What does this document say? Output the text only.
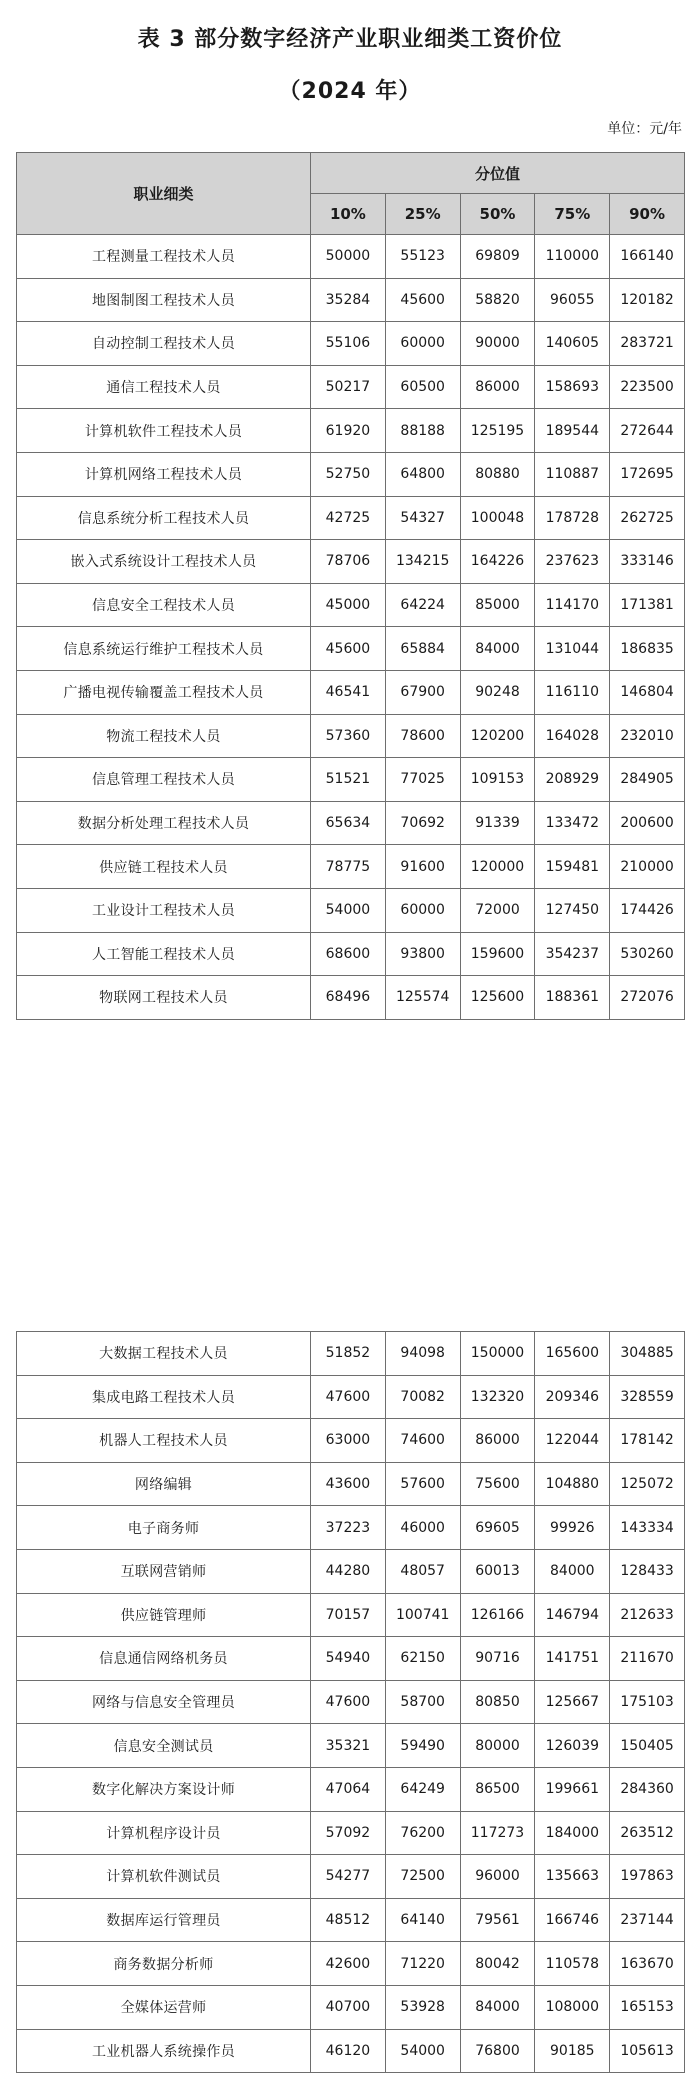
表 3 部分数字经济产业职业细类工资价位
（2024 年）
单位：元/年
职业细类	分位值				
	10%	25%	50%	75%	90%
工程测量工程技术人员	50000	55123	69809	110000	166140
地图制图工程技术人员	35284	45600	58820	96055	120182
自动控制工程技术人员	55106	60000	90000	140605	283721
通信工程技术人员	50217	60500	86000	158693	223500
计算机软件工程技术人员	61920	88188	125195	189544	272644
计算机网络工程技术人员	52750	64800	80880	110887	172695
信息系统分析工程技术人员	42725	54327	100048	178728	262725
嵌入式系统设计工程技术人员	78706	134215	164226	237623	333146
信息安全工程技术人员	45000	64224	85000	114170	171381
信息系统运行维护工程技术人员	45600	65884	84000	131044	186835
广播电视传输覆盖工程技术人员	46541	67900	90248	116110	146804
物流工程技术人员	57360	78600	120200	164028	232010
信息管理工程技术人员	51521	77025	109153	208929	284905
数据分析处理工程技术人员	65634	70692	91339	133472	200600
供应链工程技术人员	78775	91600	120000	159481	210000
工业设计工程技术人员	54000	60000	72000	127450	174426
人工智能工程技术人员	68600	93800	159600	354237	530260
物联网工程技术人员	68496	125574	125600	188361	272076
大数据工程技术人员	51852	94098	150000	165600	304885
集成电路工程技术人员	47600	70082	132320	209346	328559
机器人工程技术人员	63000	74600	86000	122044	178142
网络编辑	43600	57600	75600	104880	125072
电子商务师	37223	46000	69605	99926	143334
互联网营销师	44280	48057	60013	84000	128433
供应链管理师	70157	100741	126166	146794	212633
信息通信网络机务员	54940	62150	90716	141751	211670
网络与信息安全管理员	47600	58700	80850	125667	175103
信息安全测试员	35321	59490	80000	126039	150405
数字化解决方案设计师	47064	64249	86500	199661	284360
计算机程序设计员	57092	76200	117273	184000	263512
计算机软件测试员	54277	72500	96000	135663	197863
数据库运行管理员	48512	64140	79561	166746	237144
商务数据分析师	42600	71220	80042	110578	163670
全媒体运营师	40700	53928	84000	108000	165153
工业机器人系统操作员	46120	54000	76800	90185	105613
